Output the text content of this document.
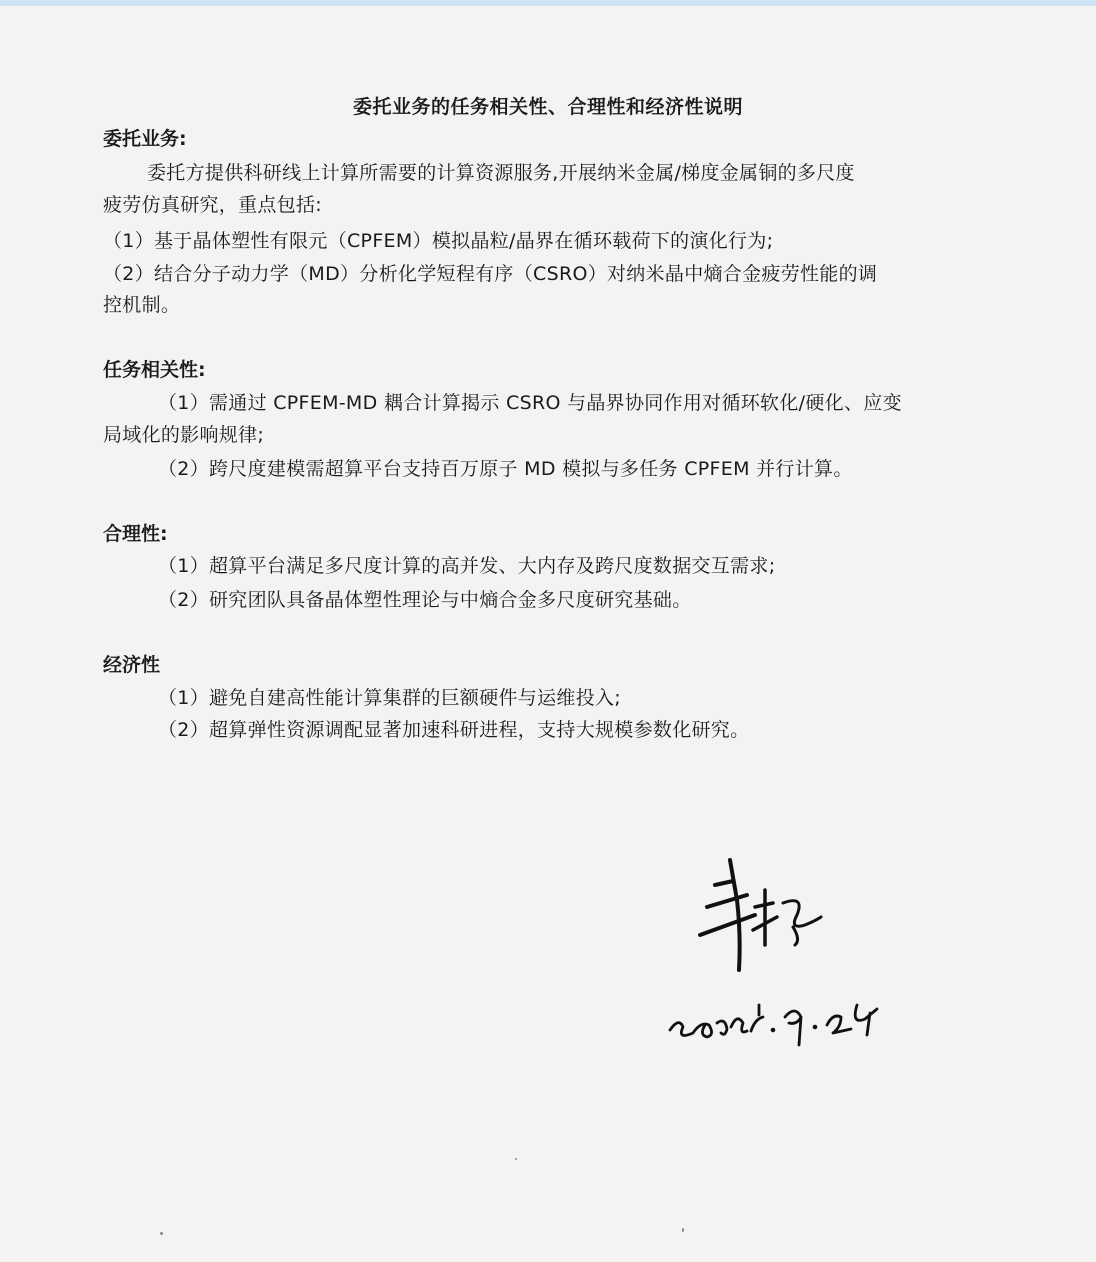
委托业务的任务相关性、合理性和经济性说明
委托业务:
委托方提供科研线上计算所需要的计算资源服务,开展纳米金属/梯度金属铜的多尺度
疲劳仿真研究，重点包括:
（1）基于晶体塑性有限元（CPFEM）模拟晶粒/晶界在循环载荷下的演化行为;
（2）结合分子动力学（MD）分析化学短程有序（CSRO）对纳米晶中熵合金疲劳性能的调
控机制。
任务相关性:
（1）需通过 CPFEM-MD 耦合计算揭示 CSRO 与晶界协同作用对循环软化/硬化、应变
局域化的影响规律;
（2）跨尺度建模需超算平台支持百万原子 MD 模拟与多任务 CPFEM 并行计算。
合理性:
（1）超算平台满足多尺度计算的高并发、大内存及跨尺度数据交互需求;
（2）研究团队具备晶体塑性理论与中熵合金多尺度研究基础。
经济性
（1）避免自建高性能计算集群的巨额硬件与运维投入;
（2）超算弹性资源调配显著加速科研进程，支持大规模参数化研究。
